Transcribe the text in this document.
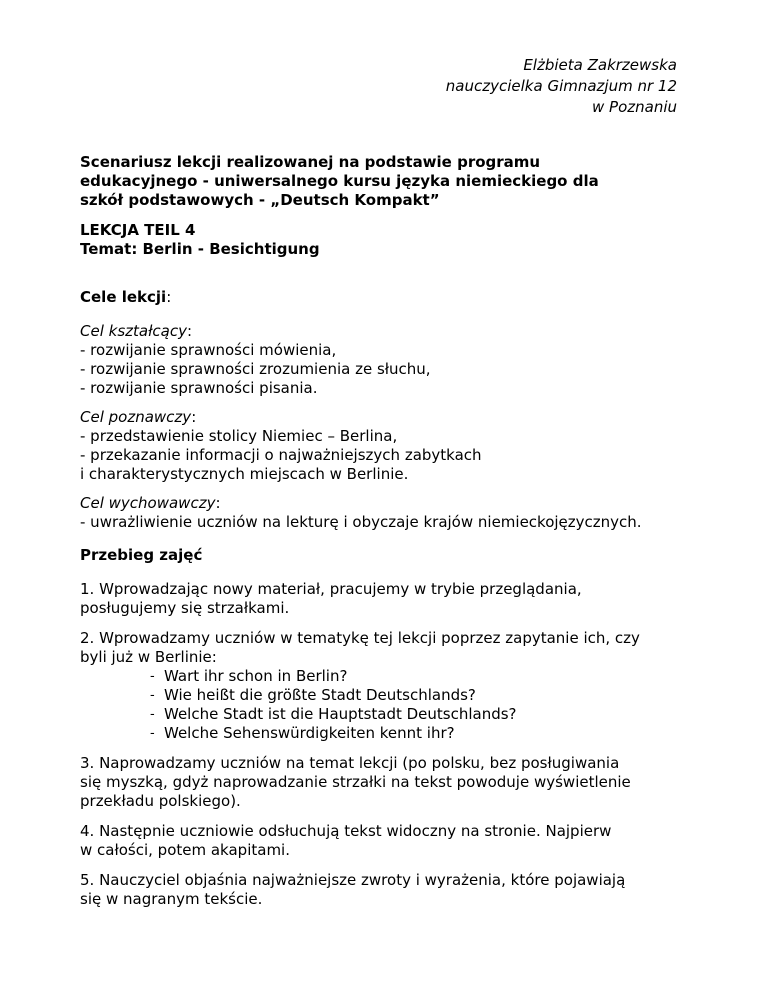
Elżbieta Zakrzewska
nauczycielka Gimnazjum nr 12
w Poznaniu
Scenariusz lekcji realizowanej na podstawie programu
edukacyjnego - uniwersalnego kursu języka niemieckiego dla
szkół podstawowych - „Deutsch Kompakt”
LEKCJA TEIL 4
Temat: Berlin - Besichtigung
Cele lekcji:
Cel kształcący:
- rozwijanie sprawności mówienia,
- rozwijanie sprawności zrozumienia ze słuchu,
- rozwijanie sprawności pisania.
Cel poznawczy:
- przedstawienie stolicy Niemiec – Berlina,
- przekazanie informacji o najważniejszych zabytkach
i charakterystycznych miejscach w Berlinie.
Cel wychowawczy:
- uwrażliwienie uczniów na lekturę i obyczaje krajów niemieckojęzycznych.
Przebieg zajęć
1. Wprowadzając nowy materiał, pracujemy w trybie przeglądania,
posługujemy się strzałkami.
2. Wprowadzamy uczniów w tematykę tej lekcji poprzez zapytanie ich, czy
byli już w Berlinie:
- Wart ihr schon in Berlin?
- Wie heißt die größte Stadt Deutschlands?
- Welche Stadt ist die Hauptstadt Deutschlands?
- Welche Sehenswürdigkeiten kennt ihr?
3. Naprowadzamy uczniów na temat lekcji (po polsku, bez posługiwania
się myszką, gdyż naprowadzanie strzałki na tekst powoduje wyświetlenie
przekładu polskiego).
4. Następnie uczniowie odsłuchują tekst widoczny na stronie. Najpierw
w całości, potem akapitami.
5. Nauczyciel objaśnia najważniejsze zwroty i wyrażenia, które pojawiają
się w nagranym tekście.
